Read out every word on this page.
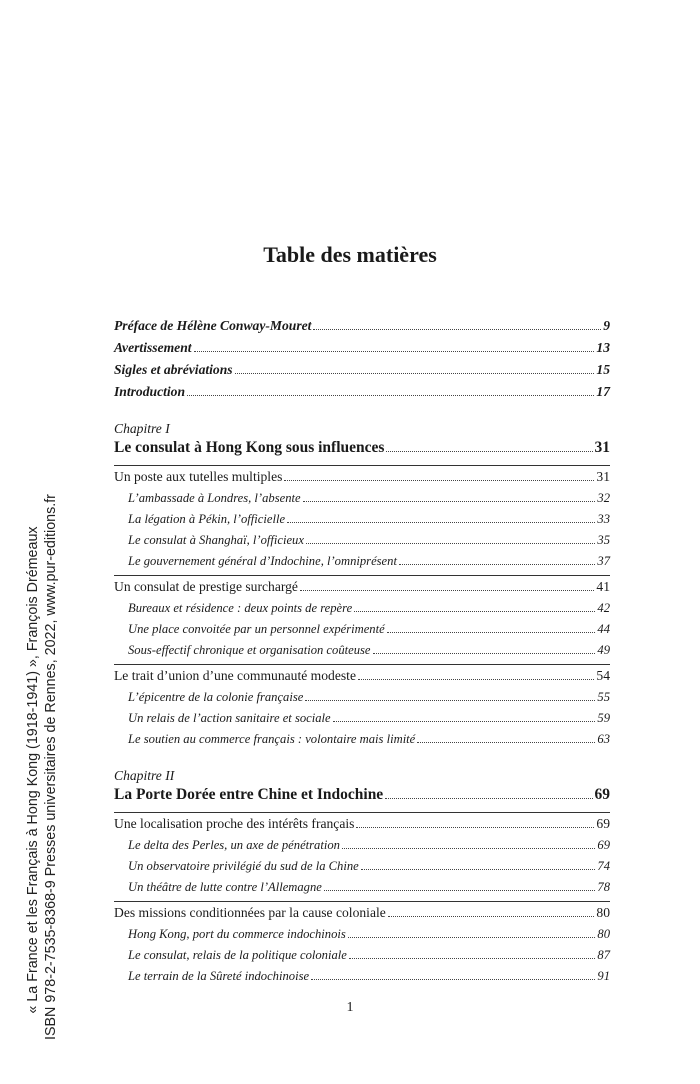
« La France et les Français à Hong Kong (1918-1941) », François Drémeaux ISBN 978-2-7535-8368-9 Presses universitaires de Rennes, 2022, www.pur-editions.fr
Table des matières
Préface de Hélène Conway-Mouret	9
Avertissement	13
Sigles et abréviations	15
Introduction	17
Chapitre I
Le consulat à Hong Kong sous influences	31
Un poste aux tutelles multiples	31
L’ambassade à Londres, l’absente	32
La légation à Pékin, l’officielle	33
Le consulat à Shanghaï, l’officieux	35
Le gouvernement général d’Indochine, l’omniprésent	37
Un consulat de prestige surchargé	41
Bureaux et résidence : deux points de repère	42
Une place convoitée par un personnel expérimenté	44
Sous-effectif chronique et organisation coûteuse	49
Le trait d’union d’une communauté modeste	54
L’épicentre de la colonie française	55
Un relais de l’action sanitaire et sociale	59
Le soutien au commerce français : volontaire mais limité	63
Chapitre II
La Porte Dorée entre Chine et Indochine	69
Une localisation proche des intérêts français	69
Le delta des Perles, un axe de pénétration	69
Un observatoire privilégié du sud de la Chine	74
Un théâtre de lutte contre l’Allemagne	78
Des missions conditionnées par la cause coloniale	80
Hong Kong, port du commerce indochinois	80
Le consulat, relais de la politique coloniale	87
Le terrain de la Sûreté indochinoise	91
1
